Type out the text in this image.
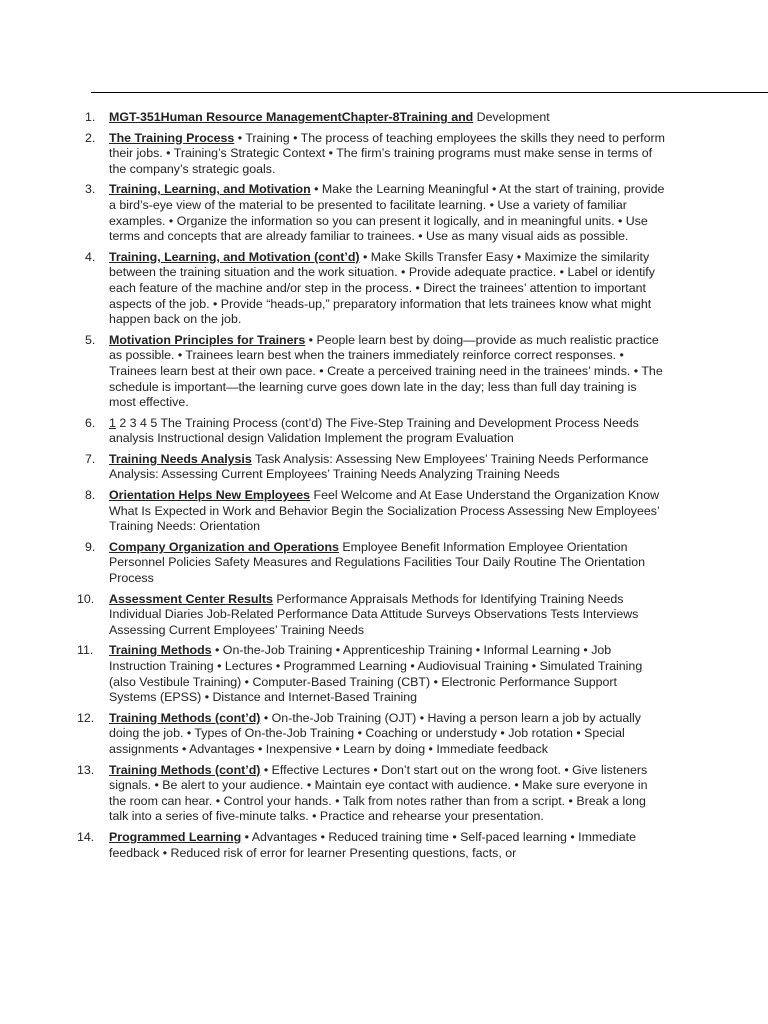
1.	MGT-351Human Resource ManagementChapter-8Training and Development
2.	The Training Process • Training • The process of teaching employees the skills they need to perform their jobs. • Training’s Strategic Context • The firm’s training programs must make sense in terms of the company’s strategic goals.
3.	Training, Learning, and Motivation • Make the Learning Meaningful • At the start of training, provide a bird’s-eye view of the material to be presented to facilitate learning. • Use a variety of familiar examples. • Organize the information so you can present it logically, and in meaningful units. • Use terms and concepts that are already familiar to trainees. • Use as many visual aids as possible.
4.	Training, Learning, and Motivation (cont’d) • Make Skills Transfer Easy • Maximize the similarity between the training situation and the work situation. • Provide adequate practice. • Label or identify each feature of the machine and/or step in the process. • Direct the trainees’ attention to important aspects of the job. • Provide “heads-up,” preparatory information that lets trainees know what might happen back on the job.
5.	Motivation Principles for Trainers • People learn best by doing—provide as much realistic practice as possible. • Trainees learn best when the trainers immediately reinforce correct responses. • Trainees learn best at their own pace. • Create a perceived training need in the trainees’ minds. • The schedule is important—the learning curve goes down late in the day; less than full day training is most effective.
6.	1 2 3 4 5 The Training Process (cont’d) The Five-Step Training and Development Process Needs analysis Instructional design Validation Implement the program Evaluation
7.	Training Needs Analysis Task Analysis: Assessing New Employees’ Training Needs Performance Analysis: Assessing Current Employees’ Training Needs Analyzing Training Needs
8.	Orientation Helps New Employees Feel Welcome and At Ease Understand the Organization Know What Is Expected in Work and Behavior Begin the Socialization Process Assessing New Employees’ Training Needs: Orientation
9.	Company Organization and Operations Employee Benefit Information Employee Orientation Personnel Policies Safety Measures and Regulations Facilities Tour Daily Routine The Orientation Process
10.	Assessment Center Results Performance Appraisals Methods for Identifying Training Needs Individual Diaries Job-Related Performance Data Attitude Surveys Observations Tests Interviews Assessing Current Employees’ Training Needs
11.	Training Methods • On-the-Job Training • Apprenticeship Training • Informal Learning • Job Instruction Training • Lectures • Programmed Learning • Audiovisual Training • Simulated Training (also Vestibule Training) • Computer-Based Training (CBT) • Electronic Performance Support Systems (EPSS) • Distance and Internet-Based Training
12.	Training Methods (cont’d) • On-the-Job Training (OJT) • Having a person learn a job by actually doing the job. • Types of On-the-Job Training • Coaching or understudy • Job rotation • Special assignments • Advantages • Inexpensive • Learn by doing • Immediate feedback
13.	Training Methods (cont’d) • Effective Lectures • Don’t start out on the wrong foot. • Give listeners signals. • Be alert to your audience. • Maintain eye contact with audience. • Make sure everyone in the room can hear. • Control your hands. • Talk from notes rather than from a script. • Break a long talk into a series of five-minute talks. • Practice and rehearse your presentation.
14.	Programmed Learning • Advantages • Reduced training time • Self-paced learning • Immediate feedback • Reduced risk of error for learner Presenting questions, facts, or
